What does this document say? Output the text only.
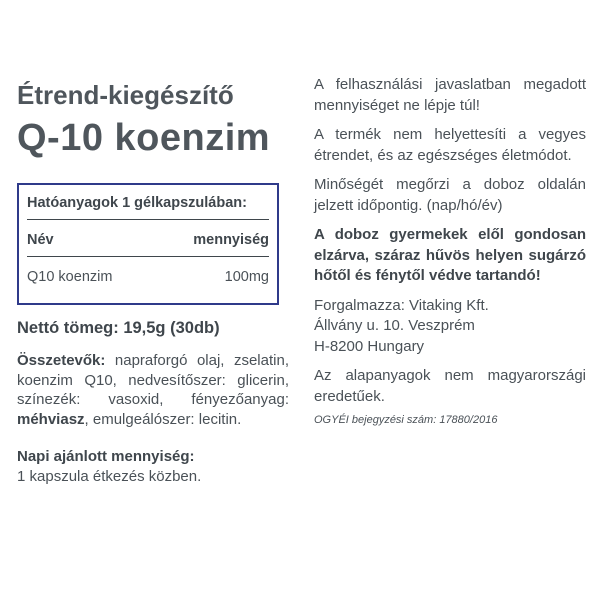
Étrend-kiegészítő
Q-10 koenzim
Hatóanyagok 1 gélkapszulában:
Név	mennyiség
Q10 koenzim	100mg
Nettó tömeg: 19,5g (30db)

Összetevők: napraforgó olaj, zselatin, koenzim Q10, nedvesítőszer: glicerin, színezék: vasoxid, fényezőanyag: méhviasz, emulgeálószer: lecitin.

Napi ajánlott mennyiség:

1 kapszula étkezés közben.

A felhasználási javaslatban megadott mennyiséget ne lépje túl!

A termék nem helyettesíti a vegyes étrendet, és az egészséges életmódot.

Minőségét megőrzi a doboz oldalán jelzett időpontig. (nap/hó/év)

A doboz gyermekek elől gondosan elzárva, száraz hűvös helyen sugárzó hőtől és fénytől védve tartandó!

Forgalmazza: Vitaking Kft.
Állvány u. 10. Veszprém
H-8200 Hungary

Az alapanyagok nem magyarországi eredetűek.

OGYÉI bejegyzési szám: 17880/2016
